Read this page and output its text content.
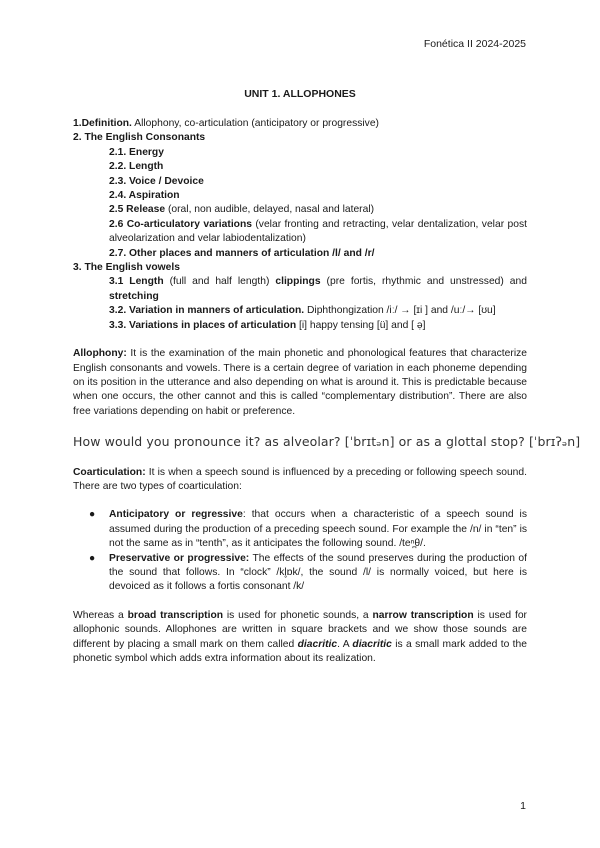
Fonética II 2024-2025
UNIT 1. ALLOPHONES

1.Definition. Allophony, co-articulation (anticipatory or progressive)

2. The English Consonants

2.1. Energy

2.2. Length

2.3. Voice / Devoice

2.4. Aspiration

2.5 Release (oral, non audible, delayed, nasal and lateral)

2.6 Co-articulatory variations (velar fronting and retracting, velar dentalization, velar post alveolarization and velar labiodentalization)

2.7. Other places and manners of articulation /l/ and /r/

3. The English vowels

3.1 Length (full and half length) clippings (pre fortis, rhythmic and unstressed) and stretching

3.2. Variation in manners of articulation. Diphthongization /iː/ → [ɪi ] and /uː/→ [ʊu]

3.3. Variations in places of articulation [i] happy tensing [ü] and [ ə̣]

Allophony: It is the examination of the main phonetic and phonological features that characterize English consonants and vowels. There is a certain degree of variation in each phoneme depending on its position in the utterance and also depending on what is around it. This is predictable because when one occurs, the other cannot and this is called “complementary distribution”. There are also free variations depending on habit or preference.

How would you pronounce it? as alveolar? [ˈbrɪtₔn] or as a glottal stop? [ˈbrɪʔₔn]

Coarticulation: It is when a speech sound is influenced by a preceding or following speech sound. There are two types of coarticulation:

● Anticipatory or regressive: that occurs when a characteristic of a speech sound is assumed during the production of a preceding speech sound. For example the /n/ in “ten” is not the same as in “tenth”, as it anticipates the following sound. /teⁿ̪θ/.
● Preservative or progressive: The effects of the sound preserves during the production of the sound that follows. In “clock” /kl̥ɒk/, the sound /l/ is normally voiced, but here is devoiced as it follows a fortis consonant /k/

Whereas a broad transcription is used for phonetic sounds, a narrow transcription is used for allophonic sounds. Allophones are written in square brackets and we show those sounds are different by placing a small mark on them called diacritic. A diacritic is a small mark added to the phonetic symbol which adds extra information about its realization.

1
